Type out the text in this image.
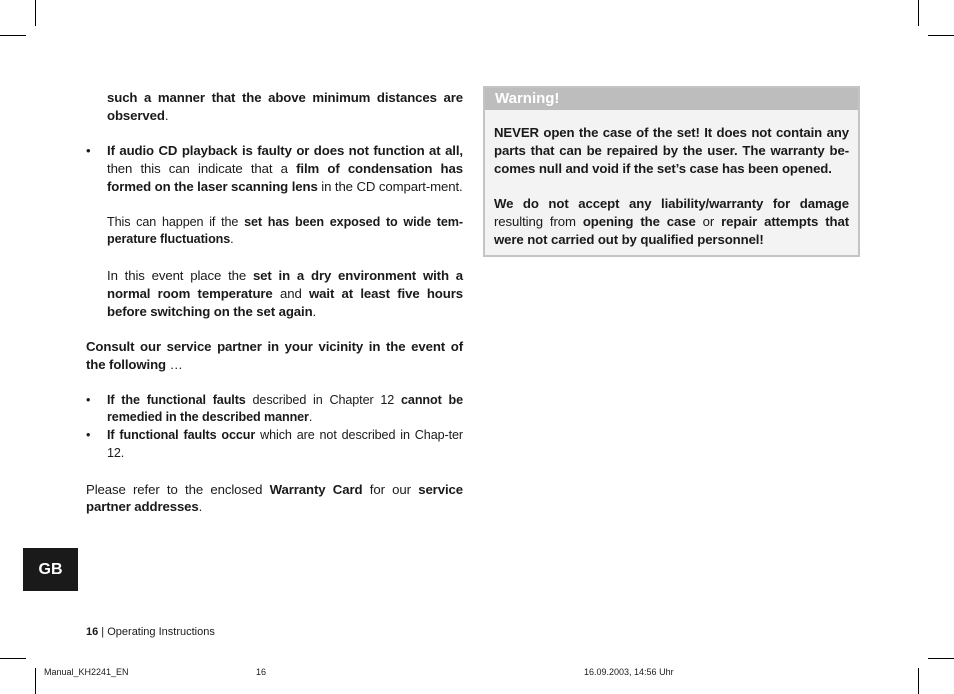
such a manner that the above minimum distances are observed.

• If audio CD playback is faulty or does not function at all, then this can indicate that a film of condensation has formed on the laser scanning lens in the CD compart-ment.

This can happen if the set has been exposed to wide tem-perature fluctuations.

In this event place the set in a dry environment with a normal room temperature and wait at least five hours before switching on the set again.

Consult our service partner in your vicinity in the event of the following …

• If the functional faults described in Chapter 12 cannot be remedied in the described manner.

• If functional faults occur which are not described in Chap-ter 12.

Please refer to the enclosed Warranty Card for our service partner addresses.

Warning!

NEVER open the case of the set! It does not contain any parts that can be repaired by the user. The warranty be-comes null and void if the set’s case has been opened.

We do not accept any liability/warranty for damage resulting from opening the case or repair attempts that were not carried out by qualified personnel!

GB
16 | Operating Instructions
Manual_KH2241_EN	16	16.09.2003, 14:56 Uhr
